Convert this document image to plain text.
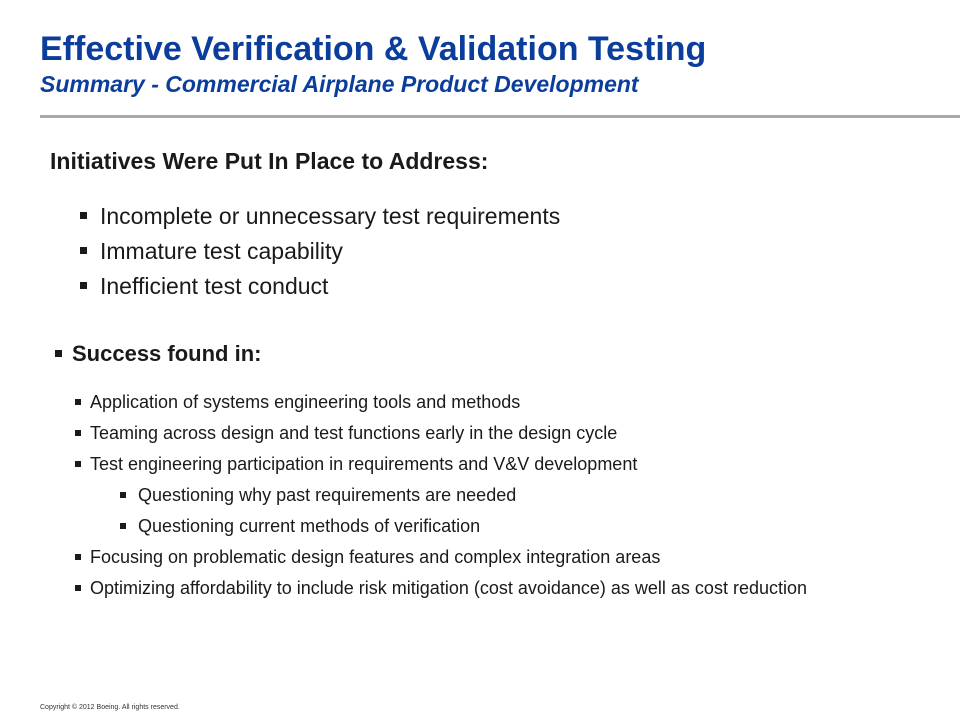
Effective Verification & Validation Testing
Summary - Commercial Airplane Product Development
Initiatives Were Put In Place to Address:
Incomplete or unnecessary test requirements
Immature test capability
Inefficient test conduct
Success found in:
Application of systems engineering tools and methods
Teaming across design and test functions early in the design cycle
Test engineering participation in requirements and V&V development
Questioning why past requirements are needed
Questioning current methods of verification
Focusing on problematic design features and complex integration areas
Optimizing affordability to include risk mitigation (cost avoidance) as well as cost reduction
Copyright © 2012 Boeing. All rights reserved.
